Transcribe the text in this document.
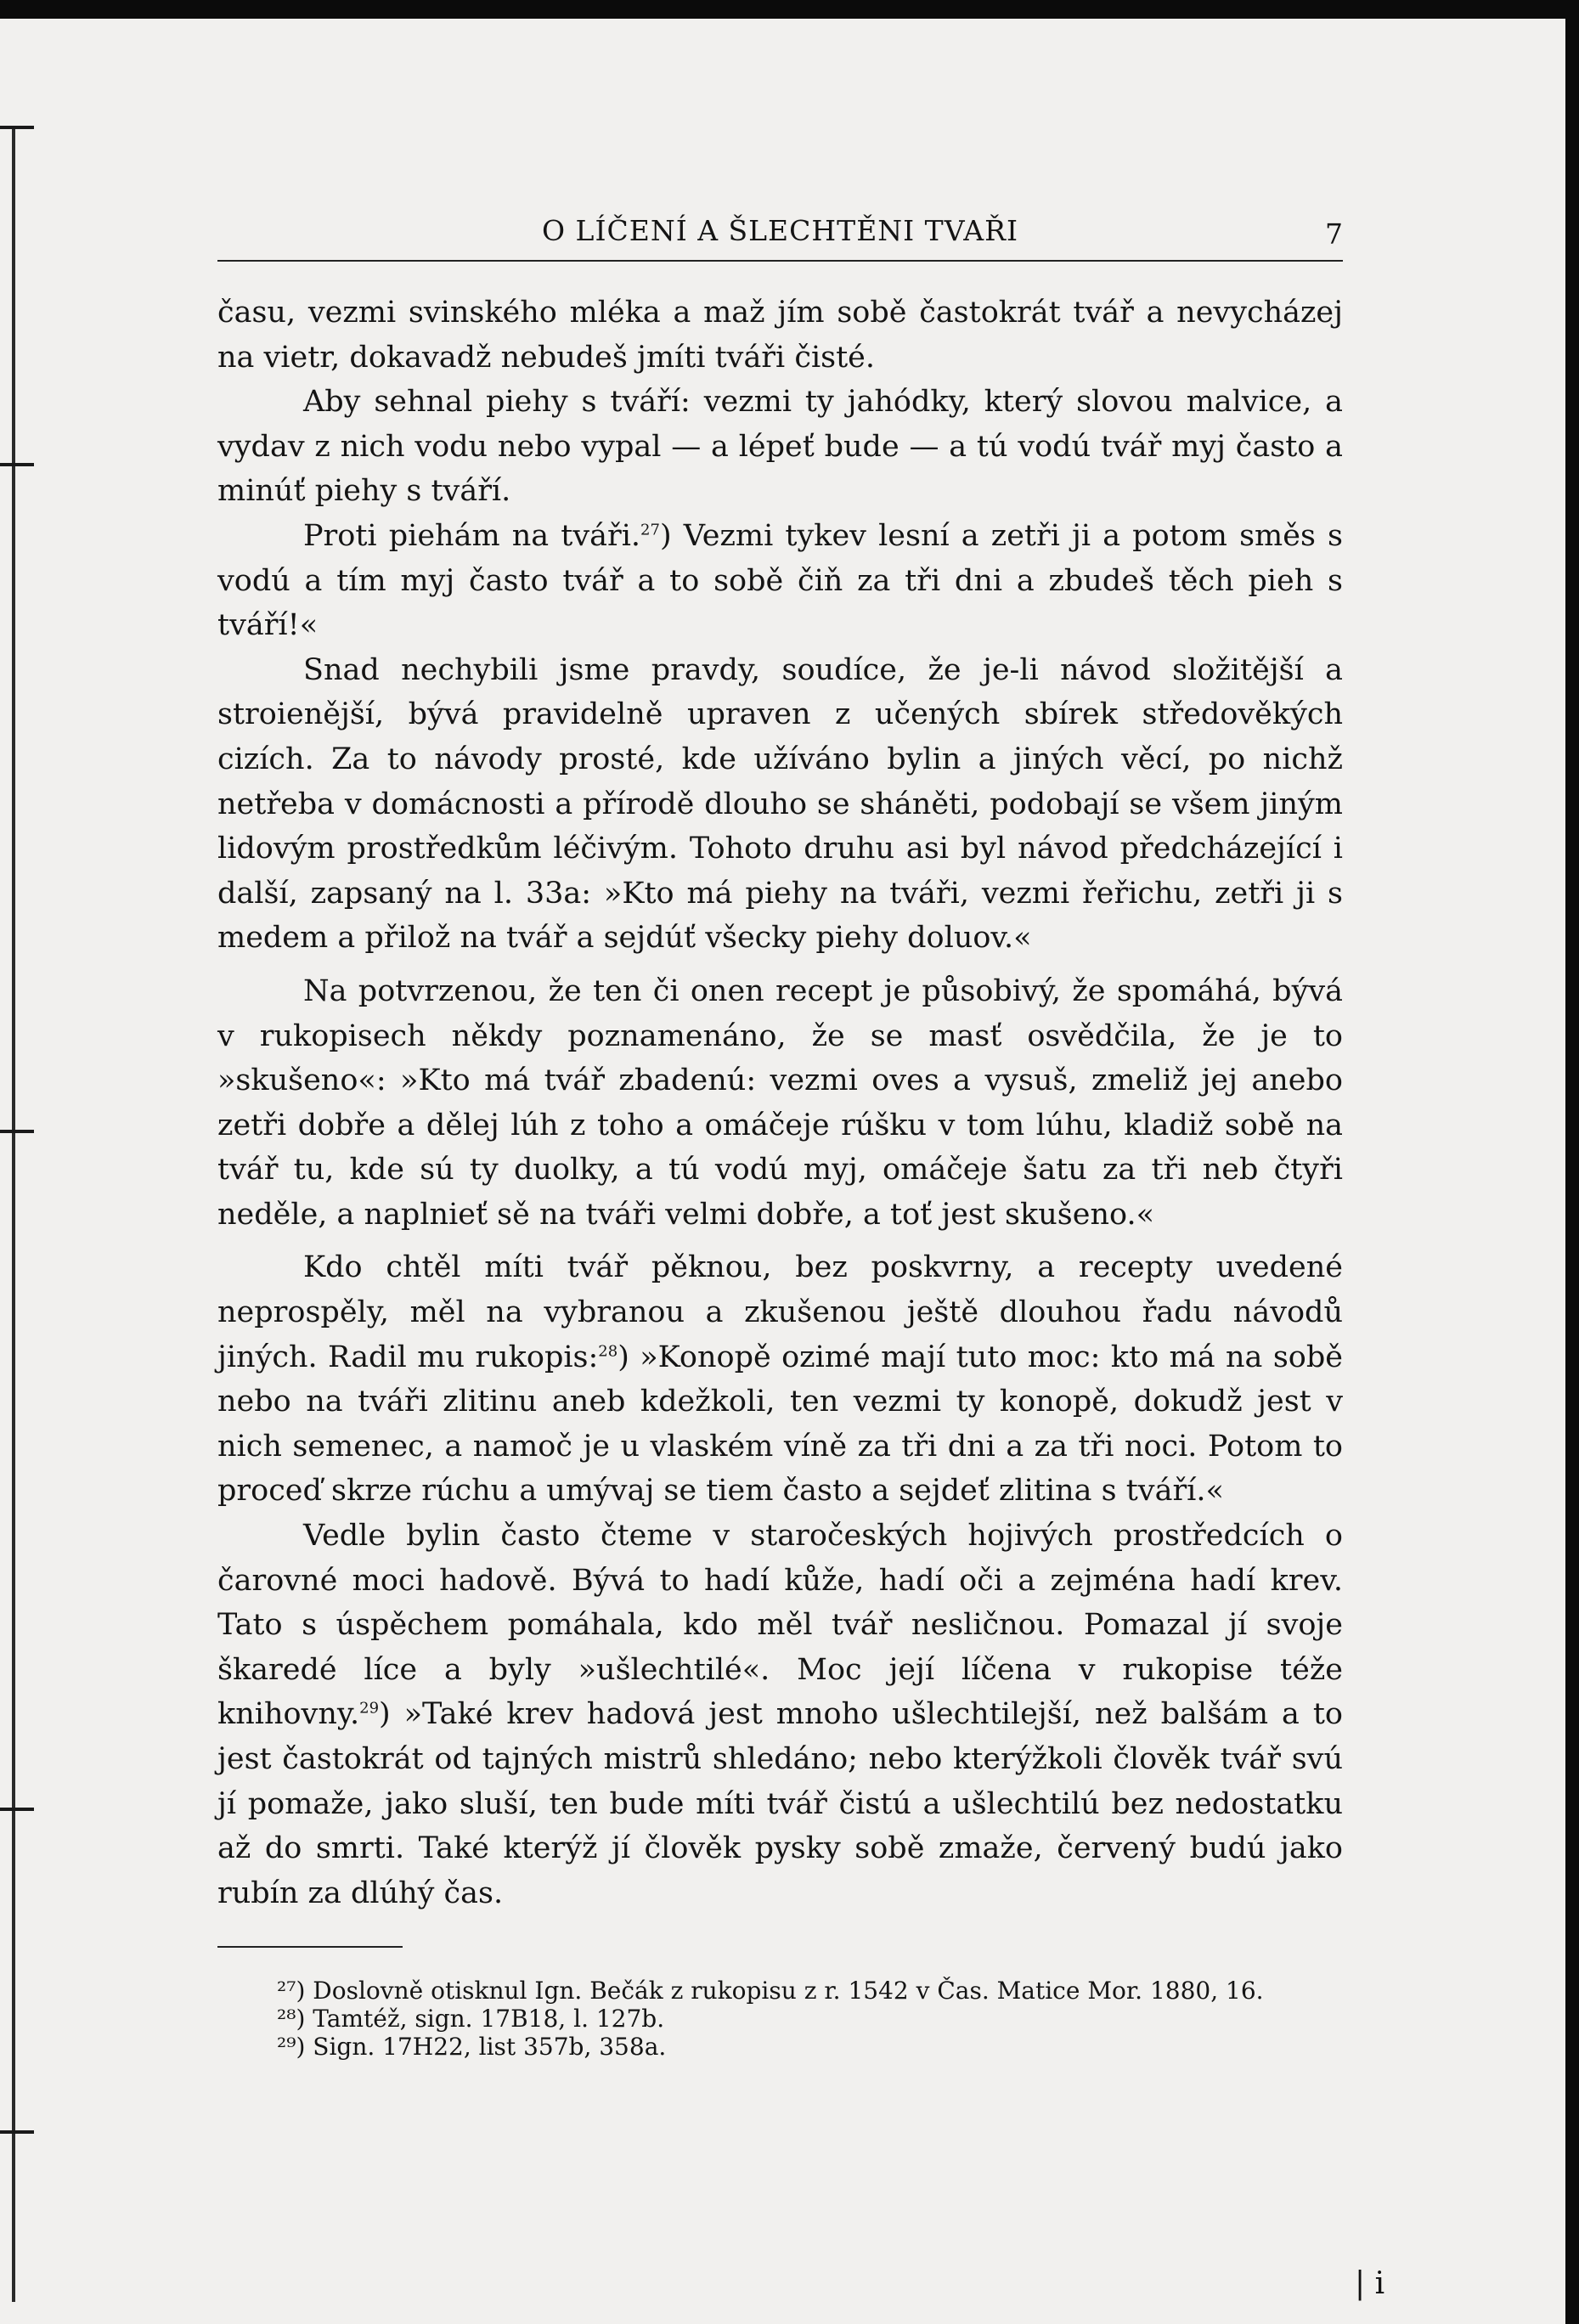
O LÍČENÍ A ŠLECHTĚNI TVAŘI	7

času, vezmi svinského mléka a maž jím sobě častokrát tvář a nevycházej na vietr, dokavadž nebudeš jmíti tváři čisté.

Aby sehnal piehy s tváří: vezmi ty jahódky, který slovou malvice, a vydav z nich vodu nebo vypal — a lépeť bude — a tú vodú tvář myj často a minúť piehy s tváří.

Proti piehám na tváři.$^{27}$) Vezmi tykev lesní a zetři ji a potom směs s vodú a tím myj často tvář a to sobě čiň za tři dni a zbudeš těch pieh s tváří!«

Snad nechybili jsme pravdy, soudíce, že je-li návod složitější a stroienější, bývá pravidelně upraven z učených sbírek středověkých cizích. Za to návody prosté, kde užíváno bylin a jiných věcí, po nichž netřeba v domácnosti a přírodě dlouho se sháněti, podobají se všem jiným lidovým prostředkům léčivým. Tohoto druhu asi byl návod předcházející i další, zapsaný na l. 33a: »Kto má piehy na tváři, vezmi řeřichu, zetři ji s medem a přilož na tvář a sejdúť všecky piehy doluov.«

Na potvrzenou, že ten či onen recept je působivý, že spomáhá, bývá v rukopisech někdy poznamenáno, že se masť osvědčila, že je to »skušeno«: »Kto má tvář zbadenú: vezmi oves a vysuš, zmeliž jej anebo zetři dobře a dělej lúh z toho a omáčeje rúšku v tom lúhu, kladiž sobě na tvář tu, kde sú ty duolky, a tú vodú myj, omáčeje šatu za tři neb čtyři neděle, a naplnieť sě na tváři velmi dobře, a toť jest skušeno.«

Kdo chtěl míti tvář pěknou, bez poskvrny, a recepty uvedené neprospěly, měl na vybranou a zkušenou ještě dlouhou řadu návodů jiných. Radil mu rukopis:$^{28}$) »Konopě ozimé mají tuto moc: kto má na sobě nebo na tváři zlitinu aneb kdežkoli, ten vezmi ty konopě, dokudž jest v nich semenec, a namoč je u vlaském víně za tři dni a za tři noci. Potom to proceď skrze rúchu a umývaj se tiem často a sejdeť zlitina s tváří.«

Vedle bylin často čteme v staročeských hojivých prostředcích o čarovné moci hadově. Bývá to hadí kůže, hadí oči a zejména hadí krev. Tato s úspěchem pomáhala, kdo měl tvář nesličnou. Pomazal jí svoje škaredé líce a byly »ušlechtilé«. Moc její líčena v rukopise téže knihovny.$^{29}$) »Také krev hadová jest mnoho ušlechtilejší, než balšám a to jest častokrát od tajných mistrů shledáno; nebo kterýžkoli člověk tvář svú jí pomaže, jako sluší, ten bude míti tvář čistú a ušlechtilú bez nedostatku až do smrti. Také kterýž jí člověk pysky sobě zmaže, červený budú jako rubín za dlúhý čas.

²⁷) Doslovně otisknul Ign. Bečák z rukopisu z r. 1542 v Čas. Matice Mor. 1880, 16.

²⁸) Tamtéž, sign. 17B18, l. 127b.

²⁹) Sign. 17H22, list 357b, 358a.

| i
